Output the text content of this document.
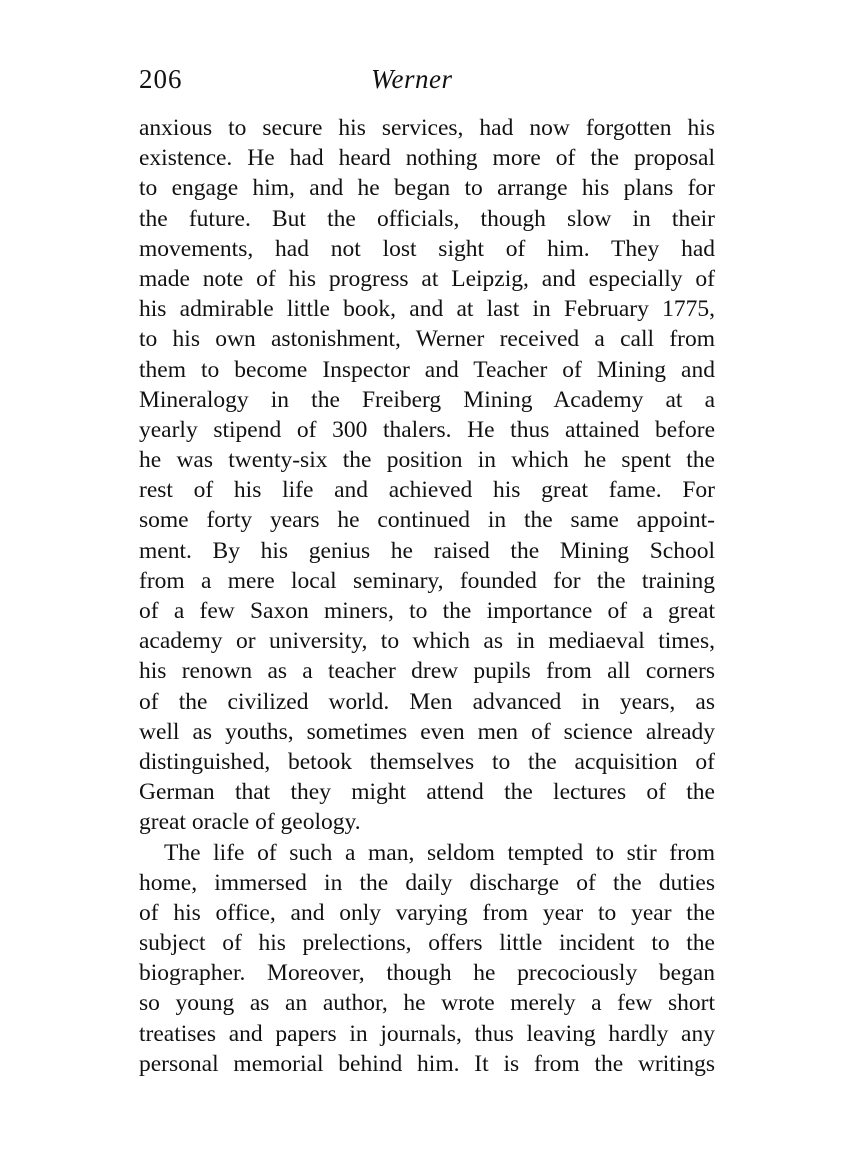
206	Werner
anxious to secure his services, had now forgotten his
existence. He had heard nothing more of the proposal
to engage him, and he began to arrange his plans for
the future. But the officials, though slow in their
movements, had not lost sight of him. They had
made note of his progress at Leipzig, and especially of
his admirable little book, and at last in February 1775,
to his own astonishment, Werner received a call from
them to become Inspector and Teacher of Mining and
Mineralogy in the Freiberg Mining Academy at a
yearly stipend of 300 thalers. He thus attained before
he was twenty-six the position in which he spent the
rest of his life and achieved his great fame. For
some forty years he continued in the same appoint-
ment. By his genius he raised the Mining School
from a mere local seminary, founded for the training
of a few Saxon miners, to the importance of a great
academy or university, to which as in mediaeval times,
his renown as a teacher drew pupils from all corners
of the civilized world. Men advanced in years, as
well as youths, sometimes even men of science already
distinguished, betook themselves to the acquisition of
German that they might attend the lectures of the
great oracle of geology.
The life of such a man, seldom tempted to stir from
home, immersed in the daily discharge of the duties
of his office, and only varying from year to year the
subject of his prelections, offers little incident to the
biographer. Moreover, though he precociously began
so young as an author, he wrote merely a few short
treatises and papers in journals, thus leaving hardly any
personal memorial behind him. It is from the writings
